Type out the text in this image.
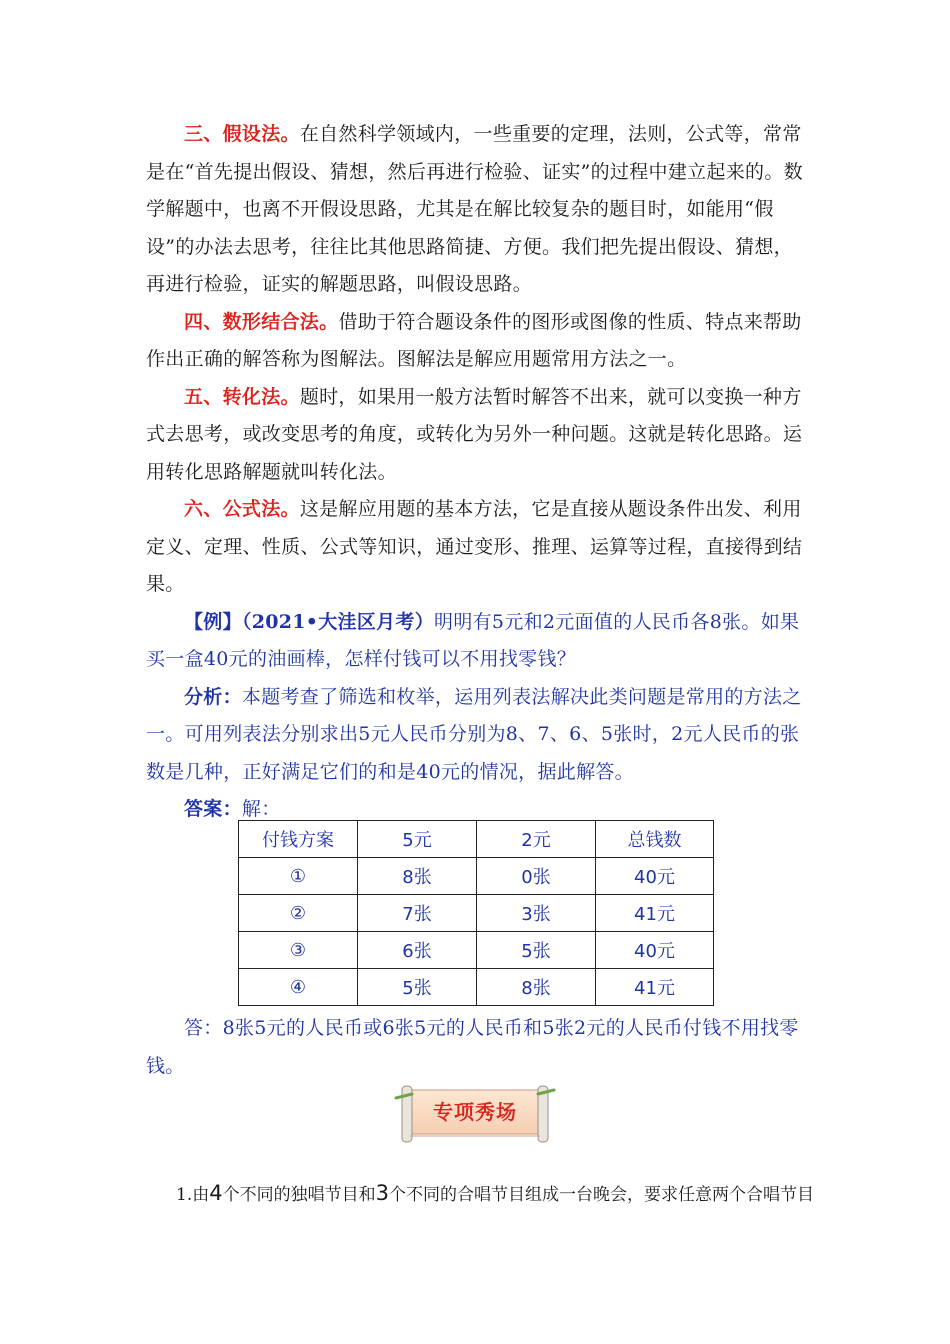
三、假设法。在自然科学领域内，一些重要的定理，法则，公式等，常常是在“首先提出假设、猜想，然后再进行检验、证实”的过程中建立起来的。数学解题中，也离不开假设思路，尤其是在解比较复杂的题目时，如能用“假设”的办法去思考，往往比其他思路简捷、方便。我们把先提出假设、猜想，再进行检验，证实的解题思路，叫假设思路。

四、数形结合法。借助于符合题设条件的图形或图像的性质、特点来帮助作出正确的解答称为图解法。图解法是解应用题常用方法之一。

五、转化法。题时，如果用一般方法暂时解答不出来，就可以变换一种方式去思考，或改变思考的角度，或转化为另外一种问题。这就是转化思路。运用转化思路解题就叫转化法。

六、公式法。这是解应用题的基本方法，它是直接从题设条件出发、利用定义、定理、性质、公式等知识，通过变形、推理、运算等过程，直接得到结果。

【例】（2021•大洼区月考）明明有5元和2元面值的人民币各8张。如果买一盒40元的油画棒，怎样付钱可以不用找零钱？

分析：本题考查了筛选和枚举，运用列表法解决此类问题是常用的方法之一。可用列表法分别求出5元人民币分别为8、7、6、5张时，2元人民币的张数是几种，正好满足它们的和是40元的情况，据此解答。

答案：解：

付钱方案	5元	2元	总钱数
①	8张	0张	40元
②	7张	3张	41元
③	6张	5张	40元
④	5张	8张	41元

答：8张5元的人民币或6张5元的人民币和5张2元的人民币付钱不用找零钱。

专项秀场
1.由4个不同的独唱节目和3个不同的合唱节目组成一台晚会，要求任意两个合唱节目
